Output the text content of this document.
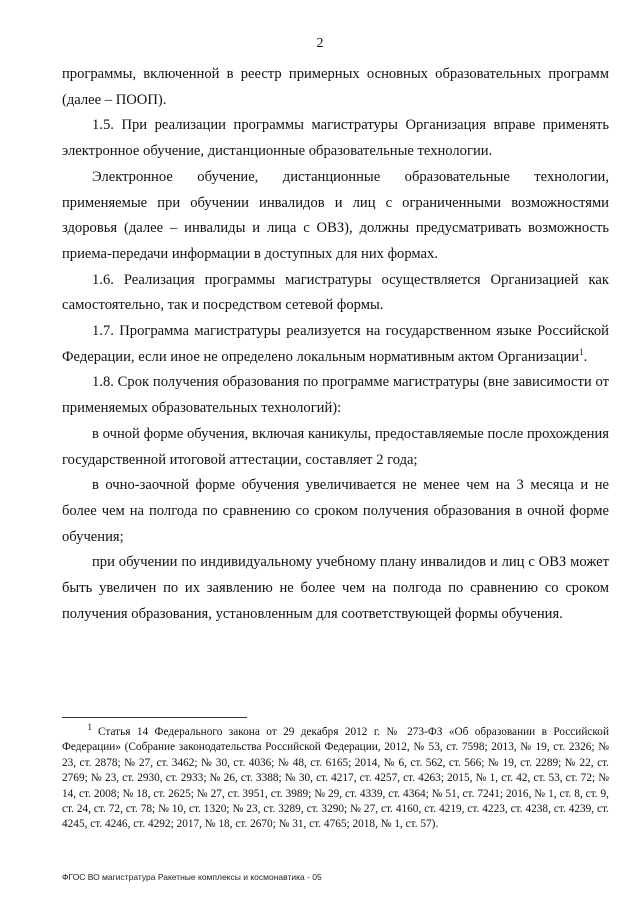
2

программы, включенной в реестр примерных основных образовательных программ (далее – ПООП).

1.5. При реализации программы магистратуры Организация вправе применять электронное обучение, дистанционные образовательные технологии.

Электронное обучение, дистанционные образовательные технологии, применяемые при обучении инвалидов и лиц с ограниченными возможностями здоровья (далее – инвалиды и лица с ОВЗ), должны предусматривать возможность приема-передачи информации в доступных для них формах.

1.6. Реализация программы магистратуры осуществляется Организацией как самостоятельно, так и посредством сетевой формы.

1.7. Программа магистратуры реализуется на государственном языке Российской Федерации, если иное не определено локальным нормативным актом Организации$^1$.

1.8. Срок получения образования по программе магистратуры (вне зависимости от применяемых образовательных технологий):

в очной форме обучения, включая каникулы, предоставляемые после прохождения государственной итоговой аттестации, составляет 2 года;

в очно-заочной форме обучения увеличивается не менее чем на 3 месяца и не более чем на полгода по сравнению со сроком получения образования в очной форме обучения;

при обучении по индивидуальному учебному плану инвалидов и лиц с ОВЗ может быть увеличен по их заявлению не более чем на полгода по сравнению со сроком получения образования, установленным для соответствующей формы обучения.

$^1$ Статья 14 Федерального закона от 29 декабря 2012 г. № 273-ФЗ «Об образовании в Российской Федерации» (Собрание законодательства Российской Федерации, 2012, № 53, ст. 7598; 2013, № 19, ст. 2326; № 23, ст. 2878; № 27, ст. 3462; № 30, ст. 4036; № 48, ст. 6165; 2014, № 6, ст. 562, ст. 566; № 19, ст. 2289; № 22, ст. 2769; № 23, ст. 2930, ст. 2933; № 26, ст. 3388; № 30, ст. 4217, ст. 4257, ст. 4263; 2015, № 1, ст. 42, ст. 53, ст. 72; № 14, ст. 2008; № 18, ст. 2625; № 27, ст. 3951, ст. 3989; № 29, ст. 4339, ст. 4364; № 51, ст. 7241; 2016, № 1, ст. 8, ст. 9, ст. 24, ст. 72, ст. 78; № 10, ст. 1320; № 23, ст. 3289, ст. 3290; № 27, ст. 4160, ст. 4219, ст. 4223, ст. 4238, ст. 4239, ст. 4245, ст. 4246, ст. 4292; 2017, № 18, ст. 2670; № 31, ст. 4765; 2018, № 1, ст. 57).
ФГОС ВО магистратура Ракетные комплексы и космонавтика - 05
